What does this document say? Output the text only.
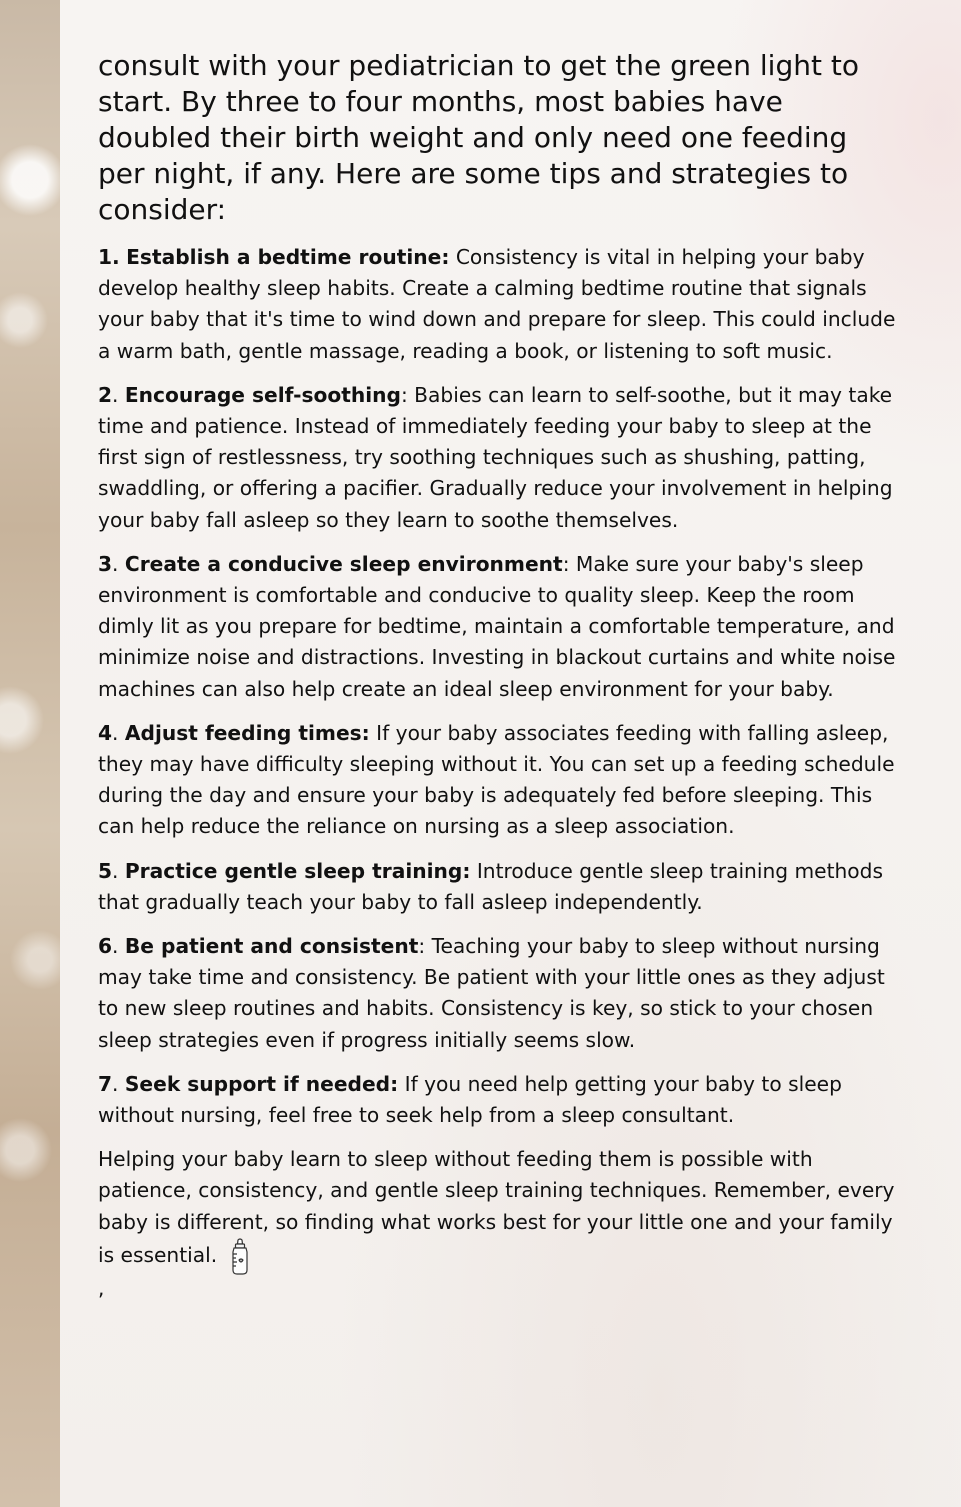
consult with your pediatrician to get the green light to start. By three to four months, most babies have doubled their birth weight and only need one feeding per night, if any. Here are some tips and strategies to consider:

1. Establish a bedtime routine: Consistency is vital in helping your baby develop healthy sleep habits. Create a calming bedtime routine that signals your baby that it's time to wind down and prepare for sleep. This could include a warm bath, gentle massage, reading a book, or listening to soft music.

2. Encourage self-soothing: Babies can learn to self-soothe, but it may take time and patience. Instead of immediately feeding your baby to sleep at the first sign of restlessness, try soothing techniques such as shushing, patting, swaddling, or offering a pacifier. Gradually reduce your involvement in helping your baby fall asleep so they learn to soothe themselves.

3. Create a conducive sleep environment: Make sure your baby's sleep environment is comfortable and conducive to quality sleep. Keep the room dimly lit as you prepare for bedtime, maintain a comfortable temperature, and minimize noise and distractions. Investing in blackout curtains and white noise machines can also help create an ideal sleep environment for your baby.

4. Adjust feeding times: If your baby associates feeding with falling asleep, they may have difficulty sleeping without it. You can set up a feeding schedule during the day and ensure your baby is adequately fed before sleeping. This can help reduce the reliance on nursing as a sleep association.

5. Practice gentle sleep training: Introduce gentle sleep training methods that gradually teach your baby to fall asleep independently.

6. Be patient and consistent: Teaching your baby to sleep without nursing may take time and consistency. Be patient with your little ones as they adjust to new sleep routines and habits. Consistency is key, so stick to your chosen sleep strategies even if progress initially seems slow.

7. Seek support if needed: If you need help getting your baby to sleep without nursing, feel free to seek help from a sleep consultant.

Helping your baby learn to sleep without feeding them is possible with patience, consistency, and gentle sleep training techniques. Remember, every baby is different, so finding what works best for your little one and your family is essential.

,
